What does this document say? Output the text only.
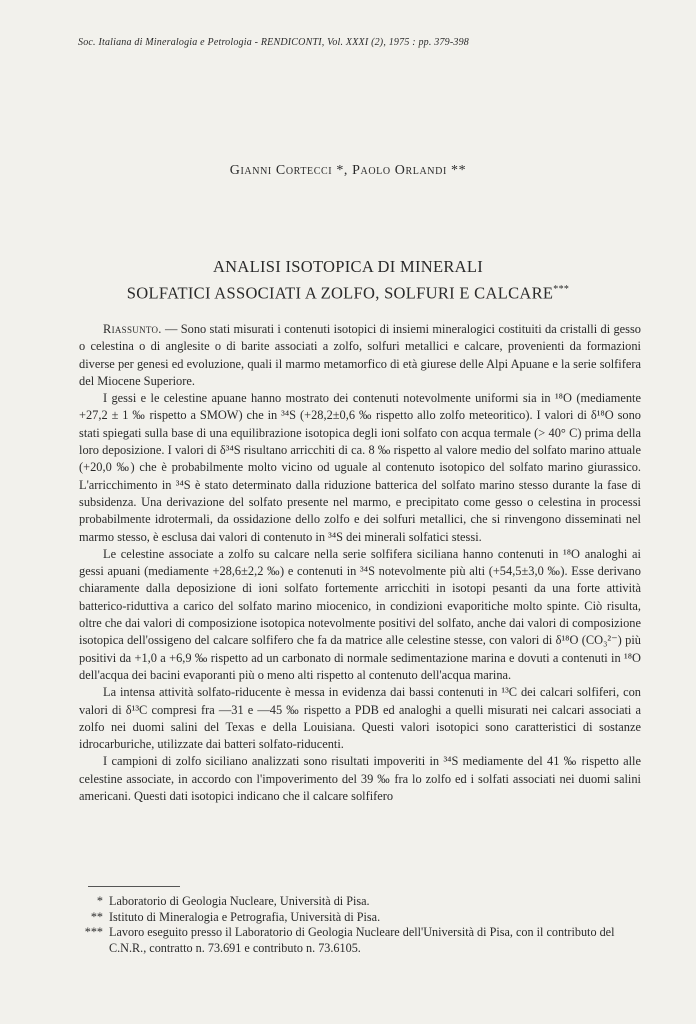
Soc. Italiana di Mineralogia e Petrologia - RENDICONTI, Vol. XXXI (2), 1975 : pp. 379-398
Gianni Cortecci *, Paolo Orlandi **
ANALISI ISOTOPICA DI MINERALI
SOLFATICI ASSOCIATI A ZOLFO, SOLFURI E CALCARE***

Riassunto. — Sono stati misurati i contenuti isotopici di insiemi mineralogici costituiti da cristalli di gesso o celestina o di anglesite o di barite associati a zolfo, solfuri metallici e calcare, provenienti da formazioni diverse per genesi ed evoluzione, quali il marmo metamorfico di età giurese delle Alpi Apuane e la serie solfifera del Miocene Superiore.

I gessi e le celestine apuane hanno mostrato dei contenuti notevolmente uniformi sia in ¹⁸O (mediamente +27,2 ± 1 ‰ rispetto a SMOW) che in ³⁴S (+28,2±0,6 ‰ rispetto allo zolfo meteoritico). I valori di δ¹⁸O sono stati spiegati sulla base di una equilibrazione isotopica degli ioni solfato con acqua termale (> 40° C) prima della loro deposizione. I valori di δ³⁴S risultano arricchiti di ca. 8 ‰ rispetto al valore medio del solfato marino attuale (+20,0 ‰) che è probabilmente molto vicino od uguale al contenuto isotopico del solfato marino giurassico. L'arricchimento in ³⁴S è stato determinato dalla riduzione batterica del solfato marino stesso durante la fase di subsidenza. Una derivazione del solfato presente nel marmo, e precipitato come gesso o celestina in processi probabilmente idrotermali, da ossidazione dello zolfo e dei solfuri metallici, che si rinvengono disseminati nel marmo stesso, è esclusa dai valori di contenuto in ³⁴S dei minerali solfatici stessi.

Le celestine associate a zolfo su calcare nella serie solfifera siciliana hanno contenuti in ¹⁸O analoghi ai gessi apuani (mediamente +28,6±2,2 ‰) e contenuti in ³⁴S notevolmente più alti (+54,5±3,0 ‰). Esse derivano chiaramente dalla deposizione di ioni solfato fortemente arricchiti in isotopi pesanti da una forte attività batterico-riduttiva a carico del solfato marino miocenico, in condizioni evaporitiche molto spinte. Ciò risulta, oltre che dai valori di composizione isotopica notevolmente positivi del solfato, anche dai valori di composizione isotopica dell'ossigeno del calcare solfifero che fa da matrice alle celestine stesse, con valori di δ¹⁸O (CO₃²⁻) più positivi da +1,0 a +6,9 ‰ rispetto ad un carbonato di normale sedimentazione marina e dovuti a contenuti in ¹⁸O dell'acqua dei bacini evaporanti più o meno alti rispetto al contenuto dell'acqua marina.

La intensa attività solfato-riducente è messa in evidenza dai bassi contenuti in ¹³C dei calcari solfiferi, con valori di δ¹³C compresi fra —31 e —45 ‰ rispetto a PDB ed analoghi a quelli misurati nei calcari associati a zolfo nei duomi salini del Texas e della Louisiana. Questi valori isotopici sono caratteristici di sostanze idrocarburiche, utilizzate dai batteri solfato-riducenti.

I campioni di zolfo siciliano analizzati sono risultati impoveriti in ³⁴S mediamente del 41 ‰ rispetto alle celestine associate, in accordo con l'impoverimento del 39 ‰ fra lo zolfo ed i solfati associati nei duomi salini americani. Questi dati isotopici indicano che il calcare solfifero

* Laboratorio di Geologia Nucleare, Università di Pisa.
** Istituto di Mineralogia e Petrografia, Università di Pisa.
*** Lavoro eseguito presso il Laboratorio di Geologia Nucleare dell'Università di Pisa, con il contributo del C.N.R., contratto n. 73.691 e contributo n. 73.6105.
